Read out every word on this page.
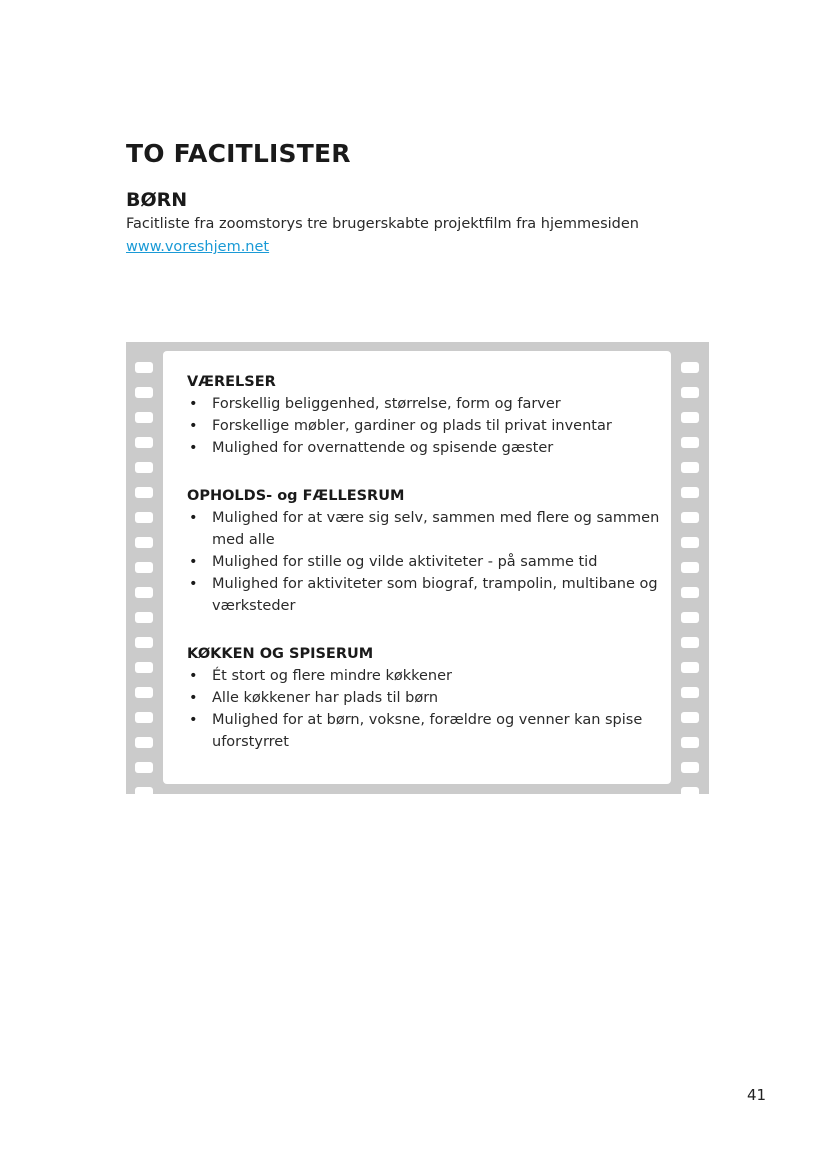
TO FACITLISTER
BØRN
Facitliste fra zoomstorys tre brugerskabte projektfilm fra hjemmesiden
www.voreshjem.net
VÆRELSER
• Forskellig beliggenhed, størrelse, form og farver
• Forskellige møbler, gardiner og plads til privat inventar
• Mulighed for overnattende og spisende gæster
OPHOLDS- og FÆLLESRUM
• Mulighed for at være sig selv, sammen med flere og sammen med alle
• Mulighed for stille og vilde aktiviteter - på samme tid
• Mulighed for aktiviteter som biograf, trampolin, multibane og værksteder
KØKKEN OG SPISERUM
• Ét stort og flere mindre køkkener
• Alle køkkener har plads til børn
• Mulighed for at børn, voksne, forældre og venner kan spise uforstyrret
41
